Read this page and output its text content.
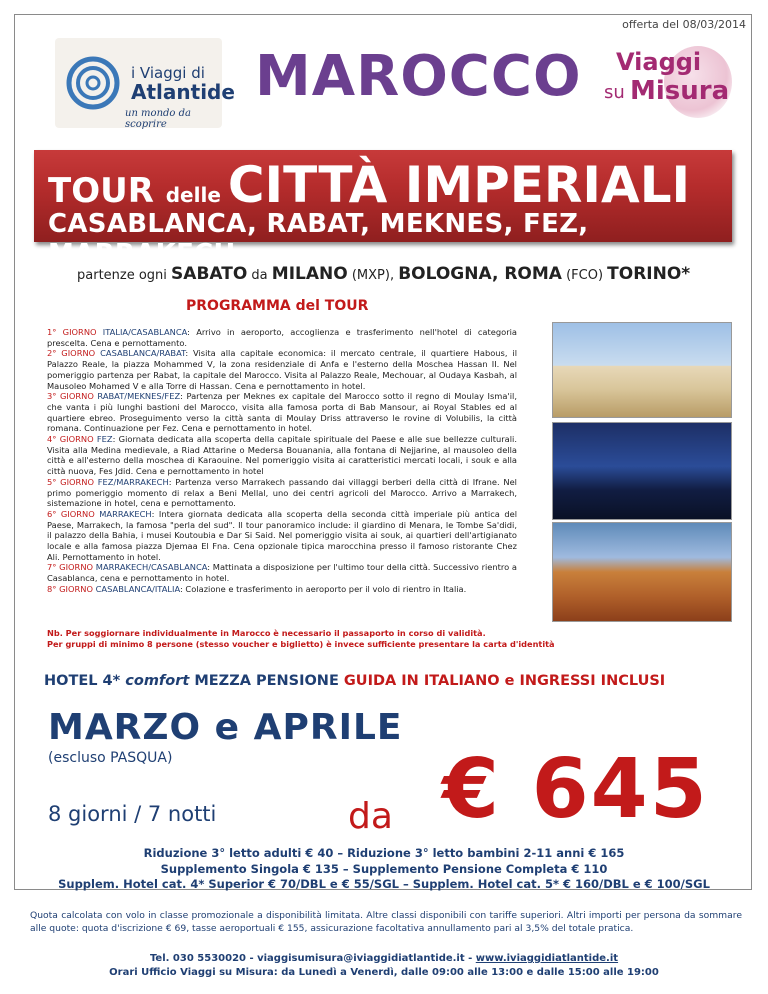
offerta del 08/03/2014
i Viaggi di
Atlantide
un mondo da scoprire
MAROCCO Viaggi
su Misura
TOUR delle CITTÀ IMPERIALI
CASABLANCA, RABAT, MEKNES, FEZ, MARRAKECH
partenze ogni SABATO da MILANO (MXP), BOLOGNA, ROMA (FCO) TORINO*
PROGRAMMA del TOUR
1° GIORNO ITALIA/CASABLANCA: Arrivo in aeroporto, accoglienza e trasferimento nell'hotel di categoria prescelta. Cena e pernottamento.
2° GIORNO CASABLANCA/RABAT: Visita alla capitale economica: il mercato centrale, il quartiere Habous, il Palazzo Reale, la piazza Mohammed V, la zona residenziale di Anfa e l'esterno della Moschea Hassan II. Nel pomeriggio partenza per Rabat, la capitale del Marocco. Visita al Palazzo Reale, Mechouar, al Oudaya Kasbah, al Mausoleo Mohamed V e alla Torre di Hassan. Cena e pernottamento in hotel.
3° GIORNO RABAT/MEKNES/FEZ: Partenza per Meknes ex capitale del Marocco sotto il regno di Moulay Isma'il, che vanta i più lunghi bastioni del Marocco, visita alla famosa porta di Bab Mansour, ai Royal Stables ed al quartiere ebreo. Proseguimento verso la città santa di Moulay Driss attraverso le rovine di Volubilis, la città romana. Continuazione per Fez. Cena e pernottamento in hotel.
4° GIORNO FEZ: Giornata dedicata alla scoperta della capitale spirituale del Paese e alle sue bellezze culturali. Visita alla Medina medievale, a Riad Attarine o Medersa Bouanania, alla fontana di Nejjarine, al mausoleo della città e all'esterno della moschea di Karaouine. Nel pomeriggio visita ai caratteristici mercati locali, i souk e alla città nuova, Fes Jdid. Cena e pernottamento in hotel
5° GIORNO FEZ/MARRAKECH: Partenza verso Marrakech passando dai villaggi berberi della città di Ifrane. Nel primo pomeriggio momento di relax a Beni Mellal, uno dei centri agricoli del Marocco. Arrivo a Marrakech, sistemazione in hotel, cena e pernottamento.
6° GIORNO MARRAKECH: Intera giornata dedicata alla scoperta della seconda città imperiale più antica del Paese, Marrakech, la famosa "perla del sud". Il tour panoramico include: il giardino di Menara, le Tombe Sa'didi, il palazzo della Bahia, i musei Koutoubia e Dar Si Said. Nel pomeriggio visita ai souk, ai quartieri dell'artigianato locale e alla famosa piazza Djemaa El Fna. Cena opzionale tipica marocchina presso il famoso ristorante Chez Ali. Pernottamento in hotel.
7° GIORNO MARRAKECH/CASABLANCA: Mattinata a disposizione per l'ultimo tour della città. Successivo rientro a Casablanca, cena e pernottamento in hotel.
8° GIORNO CASABLANCA/ITALIA: Colazione e trasferimento in aeroporto per il volo di rientro in Italia.
Nb. Per soggiornare individualmente in Marocco è necessario il passaporto in corso di validità.
Per gruppi di minimo 8 persone (stesso voucher e biglietto) è invece sufficiente presentare la carta d'identità
HOTEL 4* comfort MEZZA PENSIONE GUIDA IN ITALIANO e INGRESSI INCLUSI
MARZO e APRILE
(escluso PASQUA)
8 giorni / 7 notti	da € 645
Riduzione 3° letto adulti € 40 – Riduzione 3° letto bambini 2-11 anni € 165
Supplemento Singola € 135 – Supplemento Pensione Completa € 110
Supplem. Hotel cat. 4* Superior € 70/DBL e € 55/SGL – Supplem. Hotel cat. 5* € 160/DBL e € 100/SGL
Quota calcolata con volo in classe promozionale a disponibilità limitata. Altre classi disponibili con tariffe superiori. Altri importi per persona da sommare alle quote: quota d'iscrizione € 69, tasse aeroportuali € 155, assicurazione facoltativa annullamento pari al 3,5% del totale pratica.
Tel. 030 5530020 - viaggisumisura@iviaggidiatlantide.it - www.iviaggidiatlantide.it
Orari Ufficio Viaggi su Misura: da Lunedì a Venerdì, dalle 09:00 alle 13:00 e dalle 15:00 alle 19:00
